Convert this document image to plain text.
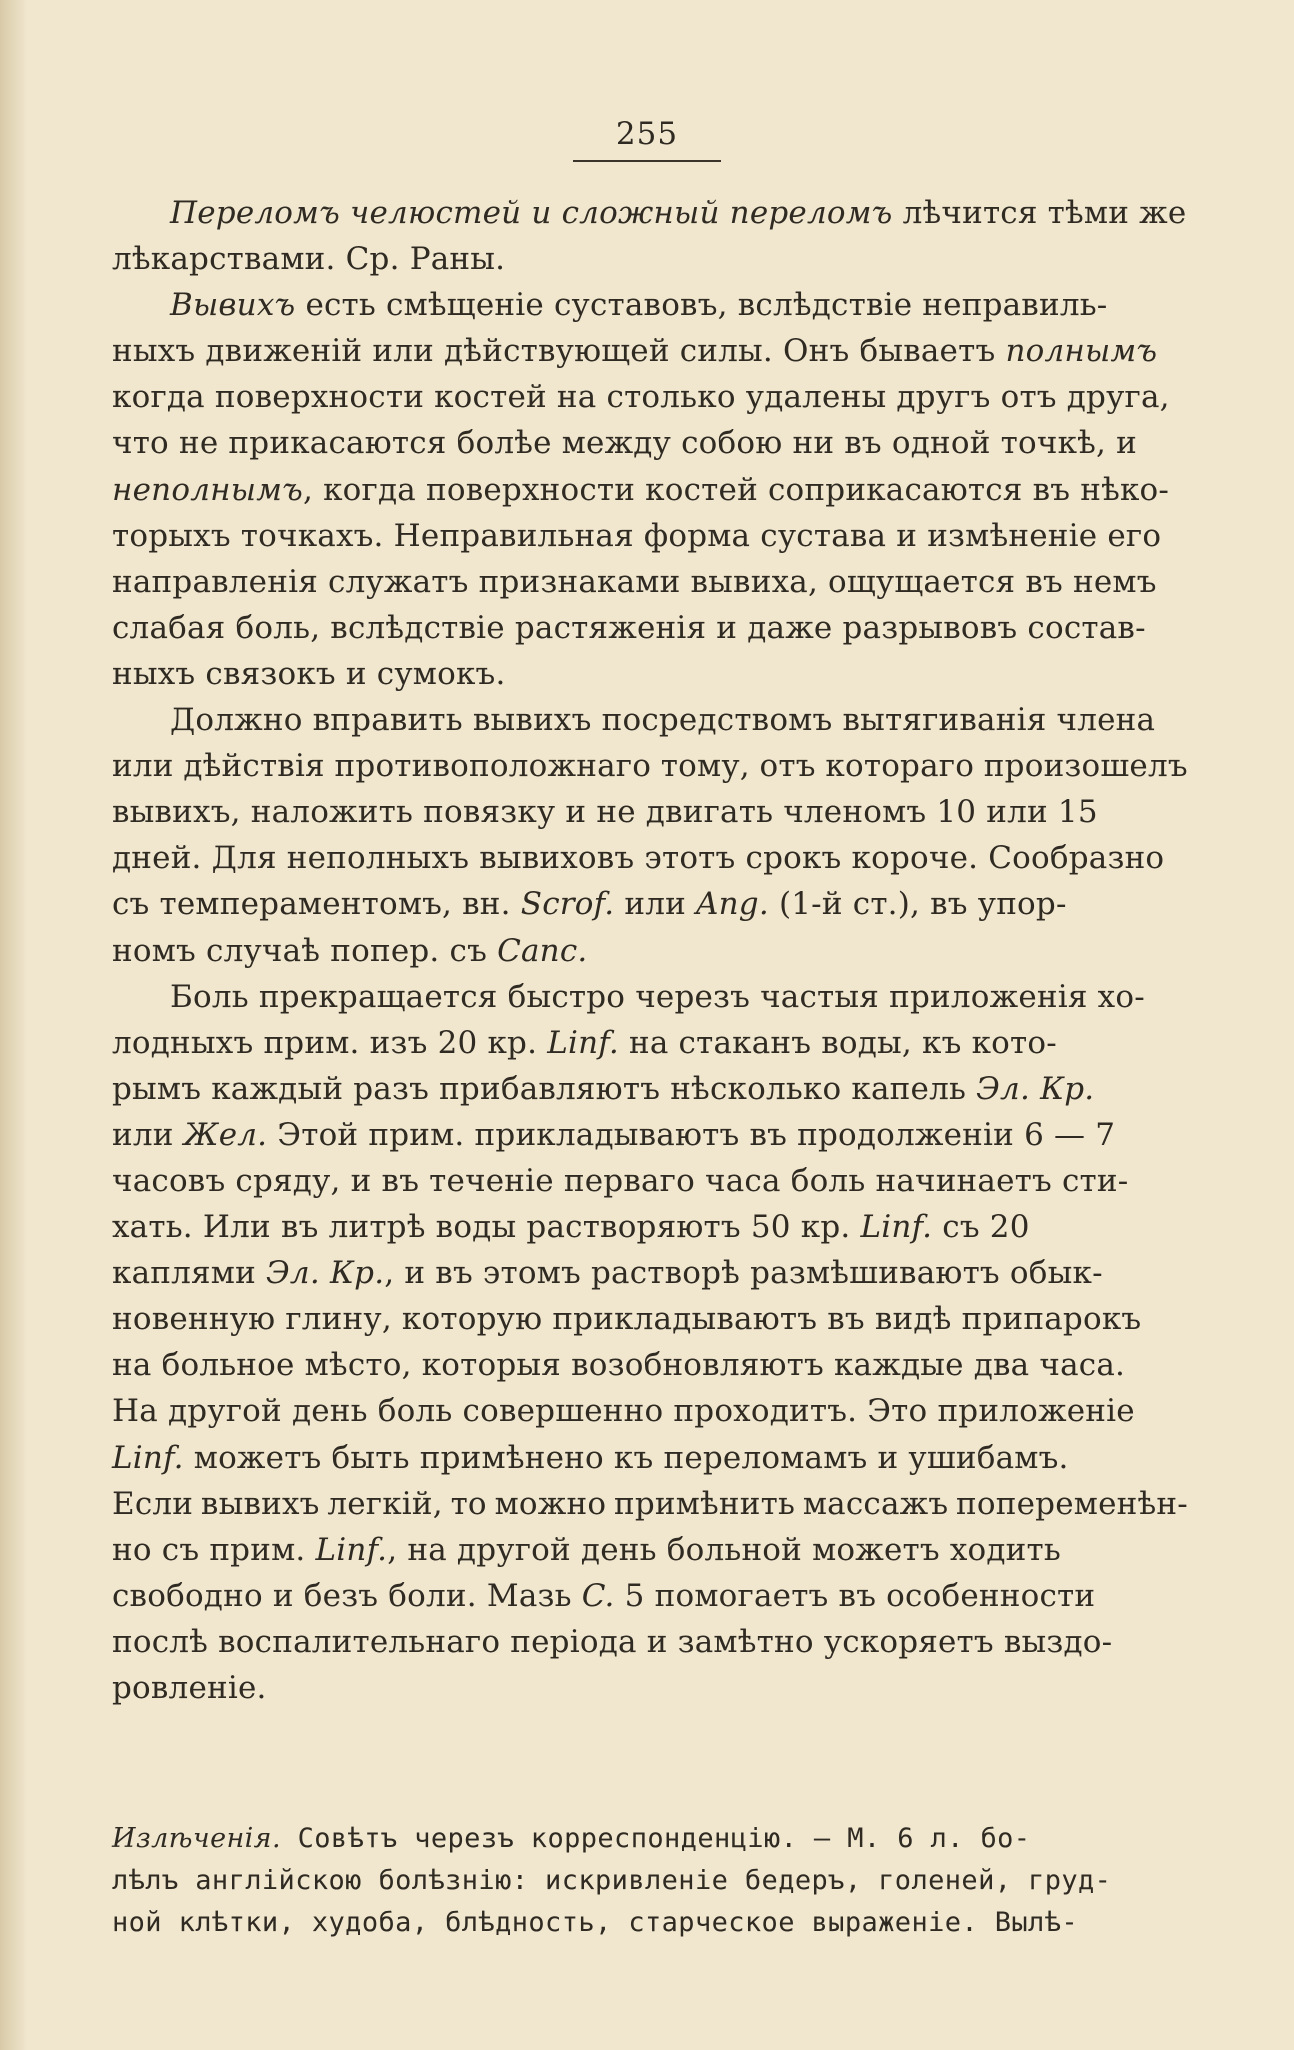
255
Переломъ челюстей и сложный переломъ лѣчится тѣми же
лѣкарствами. Ср. Раны.
Вывихъ есть смѣщеніе суставовъ, вслѣдствіе неправиль-
ныхъ движеній или дѣйствующей силы. Онъ бываетъ полнымъ
когда поверхности костей на столько удалены другъ отъ друга,
что не прикасаются болѣе между собою ни въ одной точкѣ, и
неполнымъ, когда поверхности костей соприкасаются въ нѣко-
торыхъ точкахъ. Неправильная форма сустава и измѣненіе его
направленія служатъ признаками вывиха, ощущается въ немъ
слабая боль, вслѣдствіе растяженія и даже разрывовъ состав-
ныхъ связокъ и сумокъ.
Должно вправить вывихъ посредствомъ вытягиванія члена
или дѣйствія противоположнаго тому, отъ котораго произошелъ
вывихъ, наложить повязку и не двигать членомъ 10 или 15
дней. Для неполныхъ вывиховъ этотъ срокъ короче. Сообразно
съ темпераментомъ, вн. Scrof. или Ang. (1-й ст.), въ упор-
номъ случаѣ попер. съ Canc.
Боль прекращается быстро черезъ частыя приложенія хо-
лодныхъ прим. изъ 20 кр. Linf. на стаканъ воды, къ кото-
рымъ каждый разъ прибавляютъ нѣсколько капель Эл. Кр.
или Жел. Этой прим. прикладываютъ въ продолженіи 6 — 7
часовъ сряду, и въ теченіе перваго часа боль начинаетъ сти-
хать. Или въ литрѣ воды растворяютъ 50 кр. Linf. съ 20
каплями Эл. Кр., и въ этомъ растворѣ размѣшиваютъ обык-
новенную глину, которую прикладываютъ въ видѣ припарокъ
на больное мѣсто, которыя возобновляютъ каждые два часа.
На другой день боль совершенно проходитъ. Это приложеніе
Linf. можетъ быть примѣнено къ переломамъ и ушибамъ.
Если вывихъ легкій, то можно примѣнить массажъ попеременѣн-
но съ прим. Linf., на другой день больной можетъ ходить
свободно и безъ боли. Мазь C. 5 помогаетъ въ особенности
послѣ воспалительнаго періода и замѣтно ускоряетъ выздо-
ровленіе.
Излѣченія. Совѣтъ черезъ корреспонденцію. — М. 6 л. бо-
лѣлъ англійскою болѣзнію: искривленіе бедеръ, голеней, груд-
ной клѣтки, худоба, блѣдность, старческое выраженіе. Вылѣ-
